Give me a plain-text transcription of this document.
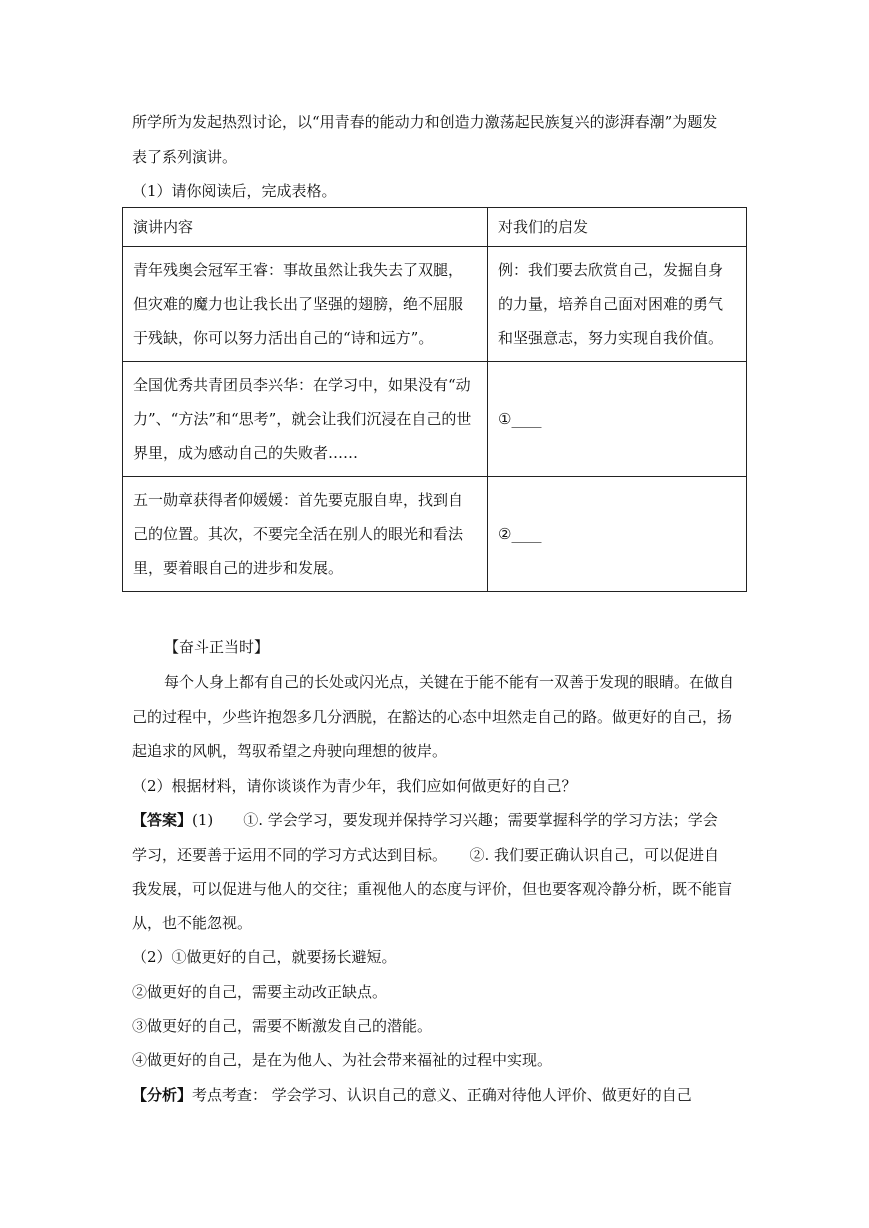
所学所为发起热烈讨论，以“用青春的能动力和创造力激荡起民族复兴的澎湃春潮”为题发
表了系列演讲。
（1）请你阅读后，完成表格。
演讲内容	对我们的启发
青年残奥会冠军王睿：事故虽然让我失去了双腿，但灾难的魔力也让我长出了坚强的翅膀，绝不屈服于残缺，你可以努力活出自己的“诗和远方”。	例：我们要去欣赏自己，发掘自身的力量，培养自己面对困难的勇气和坚强意志，努力实现自我价值。
全国优秀共青团员李兴华：在学习中，如果没有“动力”、“方法”和“思考”，就会让我们沉浸在自己的世界里，成为感动自己的失败者……	①____
五一勋章获得者仰媛媛：首先要克服自卑，找到自己的位置。其次，不要完全活在别人的眼光和看法里，要着眼自己的进步和发展。	②____
【奋斗正当时】
每个人身上都有自己的长处或闪光点，关键在于能不能有一双善于发现的眼睛。在做自
己的过程中，少些许抱怨多几分洒脱，在豁达的心态中坦然走自己的路。做更好的自己，扬
起追求的风帆，驾驭希望之舟驶向理想的彼岸。
（2）根据材料，请你谈谈作为青少年，我们应如何做更好的自己？
【答案】(1)　　①. 学会学习，要发现并保持学习兴趣；需要掌握科学的学习方法；学会
学习，还要善于运用不同的学习方式达到目标。　　②. 我们要正确认识自己，可以促进自
我发展，可以促进与他人的交往；重视他人的态度与评价，但也要客观冷静分析，既不能盲
从，也不能忽视。
（2）①做更好的自己，就要扬长避短。
②做更好的自己，需要主动改正缺点。
③做更好的自己，需要不断激发自己的潜能。
④做更好的自己，是在为他人、为社会带来福祉的过程中实现。
【分析】考点考查： 学会学习、认识自己的意义、正确对待他人评价、做更好的自己
